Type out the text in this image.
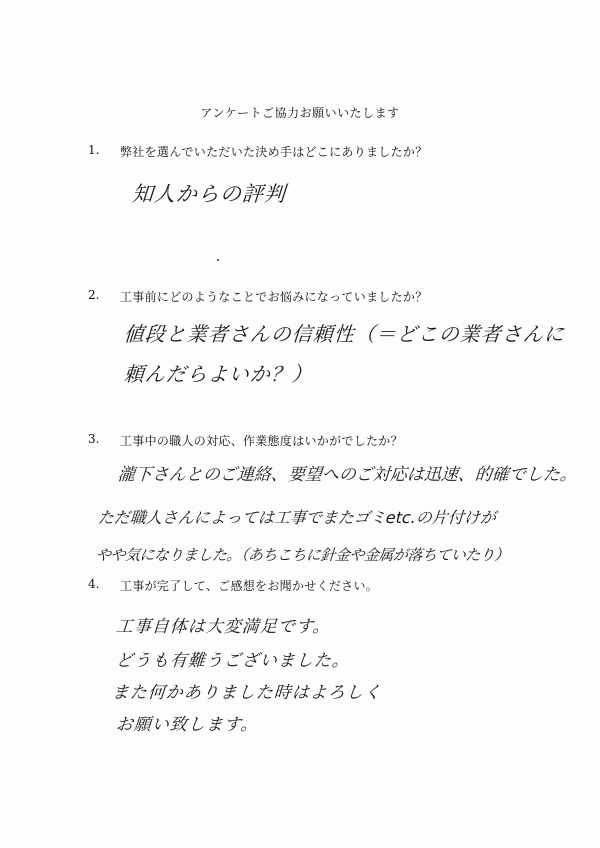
アンケートご協力お願いいたします
1. 弊社を選んでいただいた決め手はどこにありましたか？
知人からの評判
2. 工事前にどのようなことでお悩みになっていましたか？
値段と業者さんの信頼性（＝どこの業者さんに
頼んだらよいか？）
3. 工事中の職人の対応、作業態度はいかがでしたか？
瀧下さんとのご連絡、要望へのご対応は迅速、的確でした。
ただ職人さんによっては工事でまたゴミetc.の片付けが
やや気になりました。（あちこちに針金や金属が落ちていたり）
4. 工事が完了して、ご感想をお聞かせください。
工事自体は大変満足です。
どうも有難うございました。
また何かありました時はよろしく
お願い致します。
